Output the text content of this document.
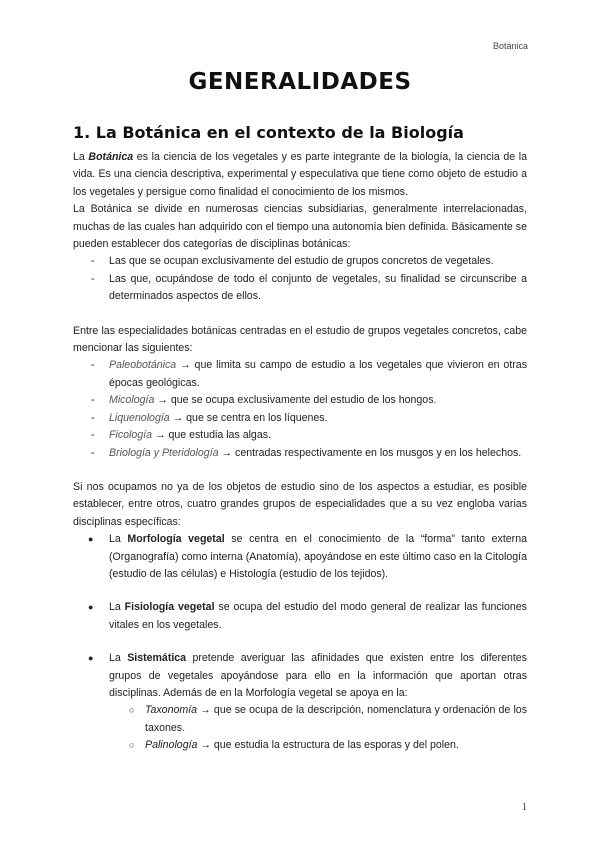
Botánica
GENERALIDADES
1. La Botánica en el contexto de la Biología

La Botánica es la ciencia de los vegetales y es parte integrante de la biología, la ciencia de la vida. Es una ciencia descriptiva, experimental y especulativa que tiene como objeto de estudio a los vegetales y persigue como finalidad el conocimiento de los mismos.

La Botánica se divide en numerosas ciencias subsidiarias, generalmente interrelacionadas, muchas de las cuales han adquirido con el tiempo una autonomía bien definida. Básicamente se pueden establecer dos categorías de disciplinas botánicas:

- Las que se ocupan exclusivamente del estudio de grupos concretos de vegetales.
- Las que, ocupándose de todo el conjunto de vegetales, su finalidad se circunscribe a determinados aspectos de ellos.

Entre las especialidades botánicas centradas en el estudio de grupos vegetales concretos, cabe mencionar las siguientes:

- Paleobotánica → que limita su campo de estudio a los vegetales que vivieron en otras épocas geológicas.
- Micología → que se ocupa exclusivamente del estudio de los hongos.
- Liquenología → que se centra en los líquenes.
- Ficología → que estudia las algas.
- Briología y Pteridología → centradas respectivamente en los musgos y en los helechos.

Si nos ocupamos no ya de los objetos de estudio sino de los aspectos a estudiar, es posible establecer, entre otros, cuatro grandes grupos de especialidades que a su vez engloba varias disciplinas específicas:

● La Morfología vegetal se centra en el conocimiento de la “forma” tanto externa (Organografía) como interna (Anatomía), apoyándose en este último caso en la Citología (estudio de las células) e Histología (estudio de los tejidos).
● La Fisiología vegetal se ocupa del estudio del modo general de realizar las funciones vitales en los vegetales.
● La Sistemática pretende averiguar las afinidades que existen entre los diferentes grupos de vegetales apoyándose para ello en la información que aportan otras disciplinas. Además de en la Morfología vegetal se apoya en la:
○ Taxonomía → que se ocupa de la descripción, nomenclatura y ordenación de los taxones.
○ Palinología → que estudia la estructura de las esporas y del polen.
1
